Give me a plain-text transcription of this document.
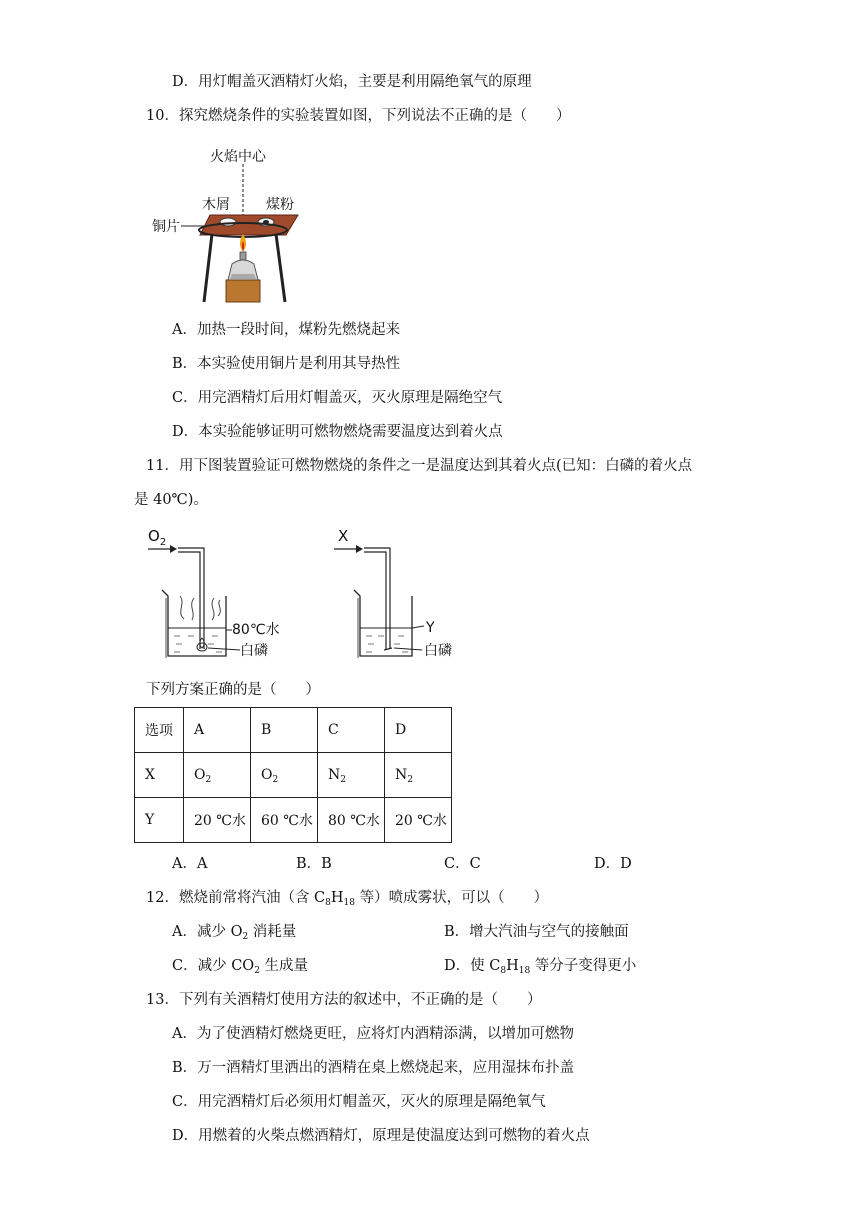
D．用灯帽盖灭酒精灯火焰，主要是利用隔绝氧气的原理
10．探究燃烧条件的实验装置如图，下列说法不正确的是（　　）
火焰中心
木屑	煤粉
铜片
A．加热一段时间，煤粉先燃烧起来
B．本实验使用铜片是利用其导热性
C．用完酒精灯后用灯帽盖灭，灭火原理是隔绝空气
D．本实验能够证明可燃物燃烧需要温度达到着火点
11．用下图装置验证可燃物燃烧的条件之一是温度达到其着火点(已知：白磷的着火点
是 40℃)。
$O_2$
80℃水
白磷
X
Y
白磷
下列方案正确的是（　　）
选项	A	B	C	D
X	$O_2$	$O_2$	$N_2$	$N_2$
Y	20 ℃水	60 ℃水	80 ℃水	20 ℃水
A．A	B．B	C．C	D．D
12．燃烧前常将汽油（含 $C_8H_{18}$ 等）喷成雾状，可以（　　）
A．减少 $O_2$ 消耗量	B．增大汽油与空气的接触面
C．减少 $CO_2$ 生成量	D．使 $C_8H_{18}$ 等分子变得更小
13．下列有关酒精灯使用方法的叙述中，不正确的是（　　）
A．为了使酒精灯燃烧更旺，应将灯内酒精添满，以增加可燃物
B．万一酒精灯里洒出的酒精在桌上燃烧起来，应用湿抹布扑盖
C．用完酒精灯后必须用灯帽盖灭，灭火的原理是隔绝氧气
D．用燃着的火柴点燃酒精灯，原理是使温度达到可燃物的着火点
